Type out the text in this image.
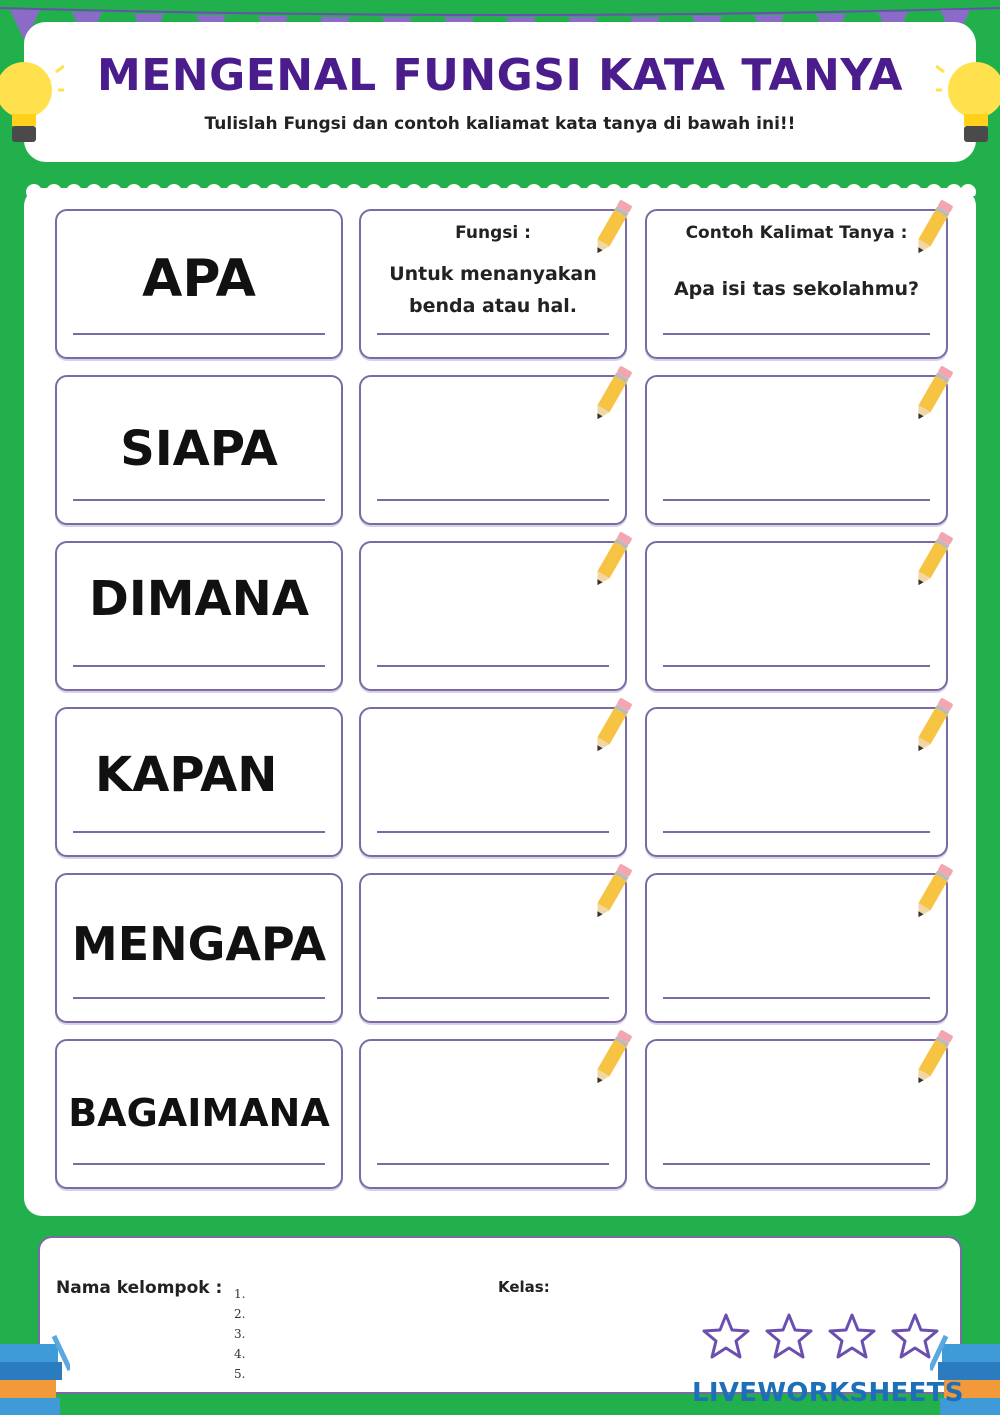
MENGENAL FUNGSI KATA TANYA
Tulislah Fungsi dan contoh kaliamat kata tanya di bawah ini!!
APA
Fungsi :
Untuk menanyakan benda atau hal.
Contoh Kalimat Tanya :
Apa isi tas sekolahmu?
SIAPA
DIMANA
KAPAN
MENGAPA
BAGAIMANA
Nama kelompok : 1.
2.
3.
4.
5.
Kelas:

LIVEWORKSHEETS
